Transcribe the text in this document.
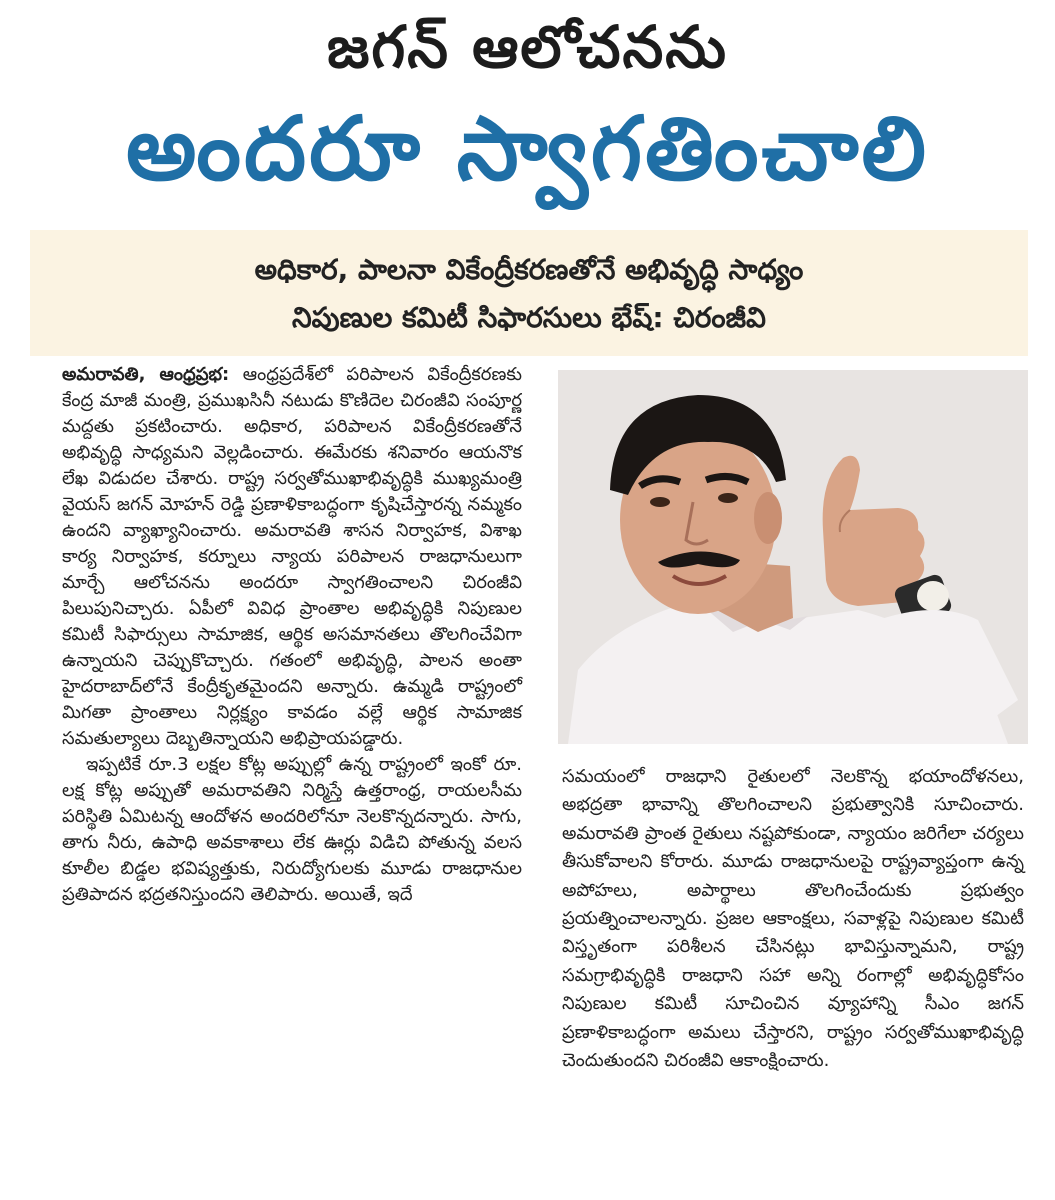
జగన్ ఆలోచనను
అందరూ స్వాగతించాలి
అధికార, పాలనా వికేంద్రీకరణతోనే అభివృద్ధి సాధ్యం
నిపుణుల కమిటీ సిఫారసులు భేష్: చిరంజీవి

అమరావతి, ఆంధ్రప్రభ: ఆంధ్రప్రదేశ్‌లో పరిపాలన వికేంద్రీకరణకు కేంద్ర మాజీ మంత్రి, ప్రముఖసినీ నటుడు కొణిదెల చిరంజీవి సంపూర్ణ మద్దతు ప్రకటించారు. అధికార, పరిపాలన వికేంద్రీకరణతోనే అభివృద్ధి సాధ్యమని వెల్లడించారు. ఈమేరకు శనివారం ఆయనొక లేఖ విడుదల చేశారు. రాష్ట్ర సర్వతోముఖాభివృద్ధికి ముఖ్యమంత్రి వైయస్ జగన్ మోహన్ రెడ్డి ప్రణాళికాబద్ధంగా కృషిచేస్తారన్న నమ్మకం ఉందని వ్యాఖ్యానించారు. అమరావతి శాసన నిర్వాహక, విశాఖ కార్య నిర్వాహక, కర్నూలు న్యాయ పరిపాలన రాజధానులుగా మార్చే ఆలోచనను అందరూ స్వాగతించాలని చిరంజీవి పిలుపునిచ్చారు. ఏపీలో వివిధ ప్రాంతాల అభివృద్ధికి నిపుణుల కమిటీ సిఫార్సులు సామాజిక, ఆర్థిక అసమానతలు తొలగించేవిగా ఉన్నాయని చెప్పుకొచ్చారు. గతంలో అభివృద్ధి, పాలన అంతా హైదరాబాద్‌లోనే కేంద్రీకృతమైందని అన్నారు. ఉమ్మడి రాష్ట్రంలో మిగతా ప్రాంతాలు నిర్లక్ష్యం కావడం వల్లే ఆర్థిక సామాజిక సమతుల్యాలు దెబ్బతిన్నాయని అభిప్రాయపడ్డారు.

ఇప్పటికే రూ.3 లక్షల కోట్ల అప్పుల్లో ఉన్న రాష్ట్రంలో ఇంకో రూ. లక్ష కోట్ల అప్పుతో అమరావతిని నిర్మిస్తే ఉత్తరాంధ్ర, రాయలసీమ పరిస్థితి ఏమిటన్న ఆందోళన అందరిలోనూ నెలకొన్నదన్నారు. సాగు, తాగు నీరు, ఉపాధి అవకాశాలు లేక ఊర్లు విడిచి పోతున్న వలస కూలీల బిడ్డల భవిష్యత్తుకు, నిరుద్యోగులకు మూడు రాజధానుల ప్రతిపాదన భద్రతనిస్తుందని తెలిపారు. అయితే, ఇదే

సమయంలో రాజధాని రైతులలో నెలకొన్న భయాందోళనలు, అభద్రతా భావాన్ని తొలగించాలని ప్రభుత్వానికి సూచించారు. అమరావతి ప్రాంత రైతులు నష్టపోకుండా, న్యాయం జరిగేలా చర్యలు తీసుకోవాలని కోరారు. మూడు రాజధానులపై రాష్ట్రవ్యాప్తంగా ఉన్న అపోహలు, అపార్థాలు తొలగించేందుకు ప్రభుత్వం ప్రయత్నించాలన్నారు. ప్రజల ఆకాంక్షలు, సవాళ్లపై నిపుణుల కమిటీ విస్తృతంగా పరిశీలన చేసినట్లు భావిస్తున్నామని, రాష్ట్ర సమగ్రాభివృద్ధికి రాజధాని సహా అన్ని రంగాల్లో అభివృద్ధికోసం నిపుణుల కమిటీ సూచించిన వ్యూహాన్ని సీఎం జగన్ ప్రణాళికాబద్ధంగా అమలు చేస్తారని, రాష్ట్రం సర్వతోముఖాభివృద్ధి చెందుతుందని చిరంజీవి ఆకాంక్షించారు.
